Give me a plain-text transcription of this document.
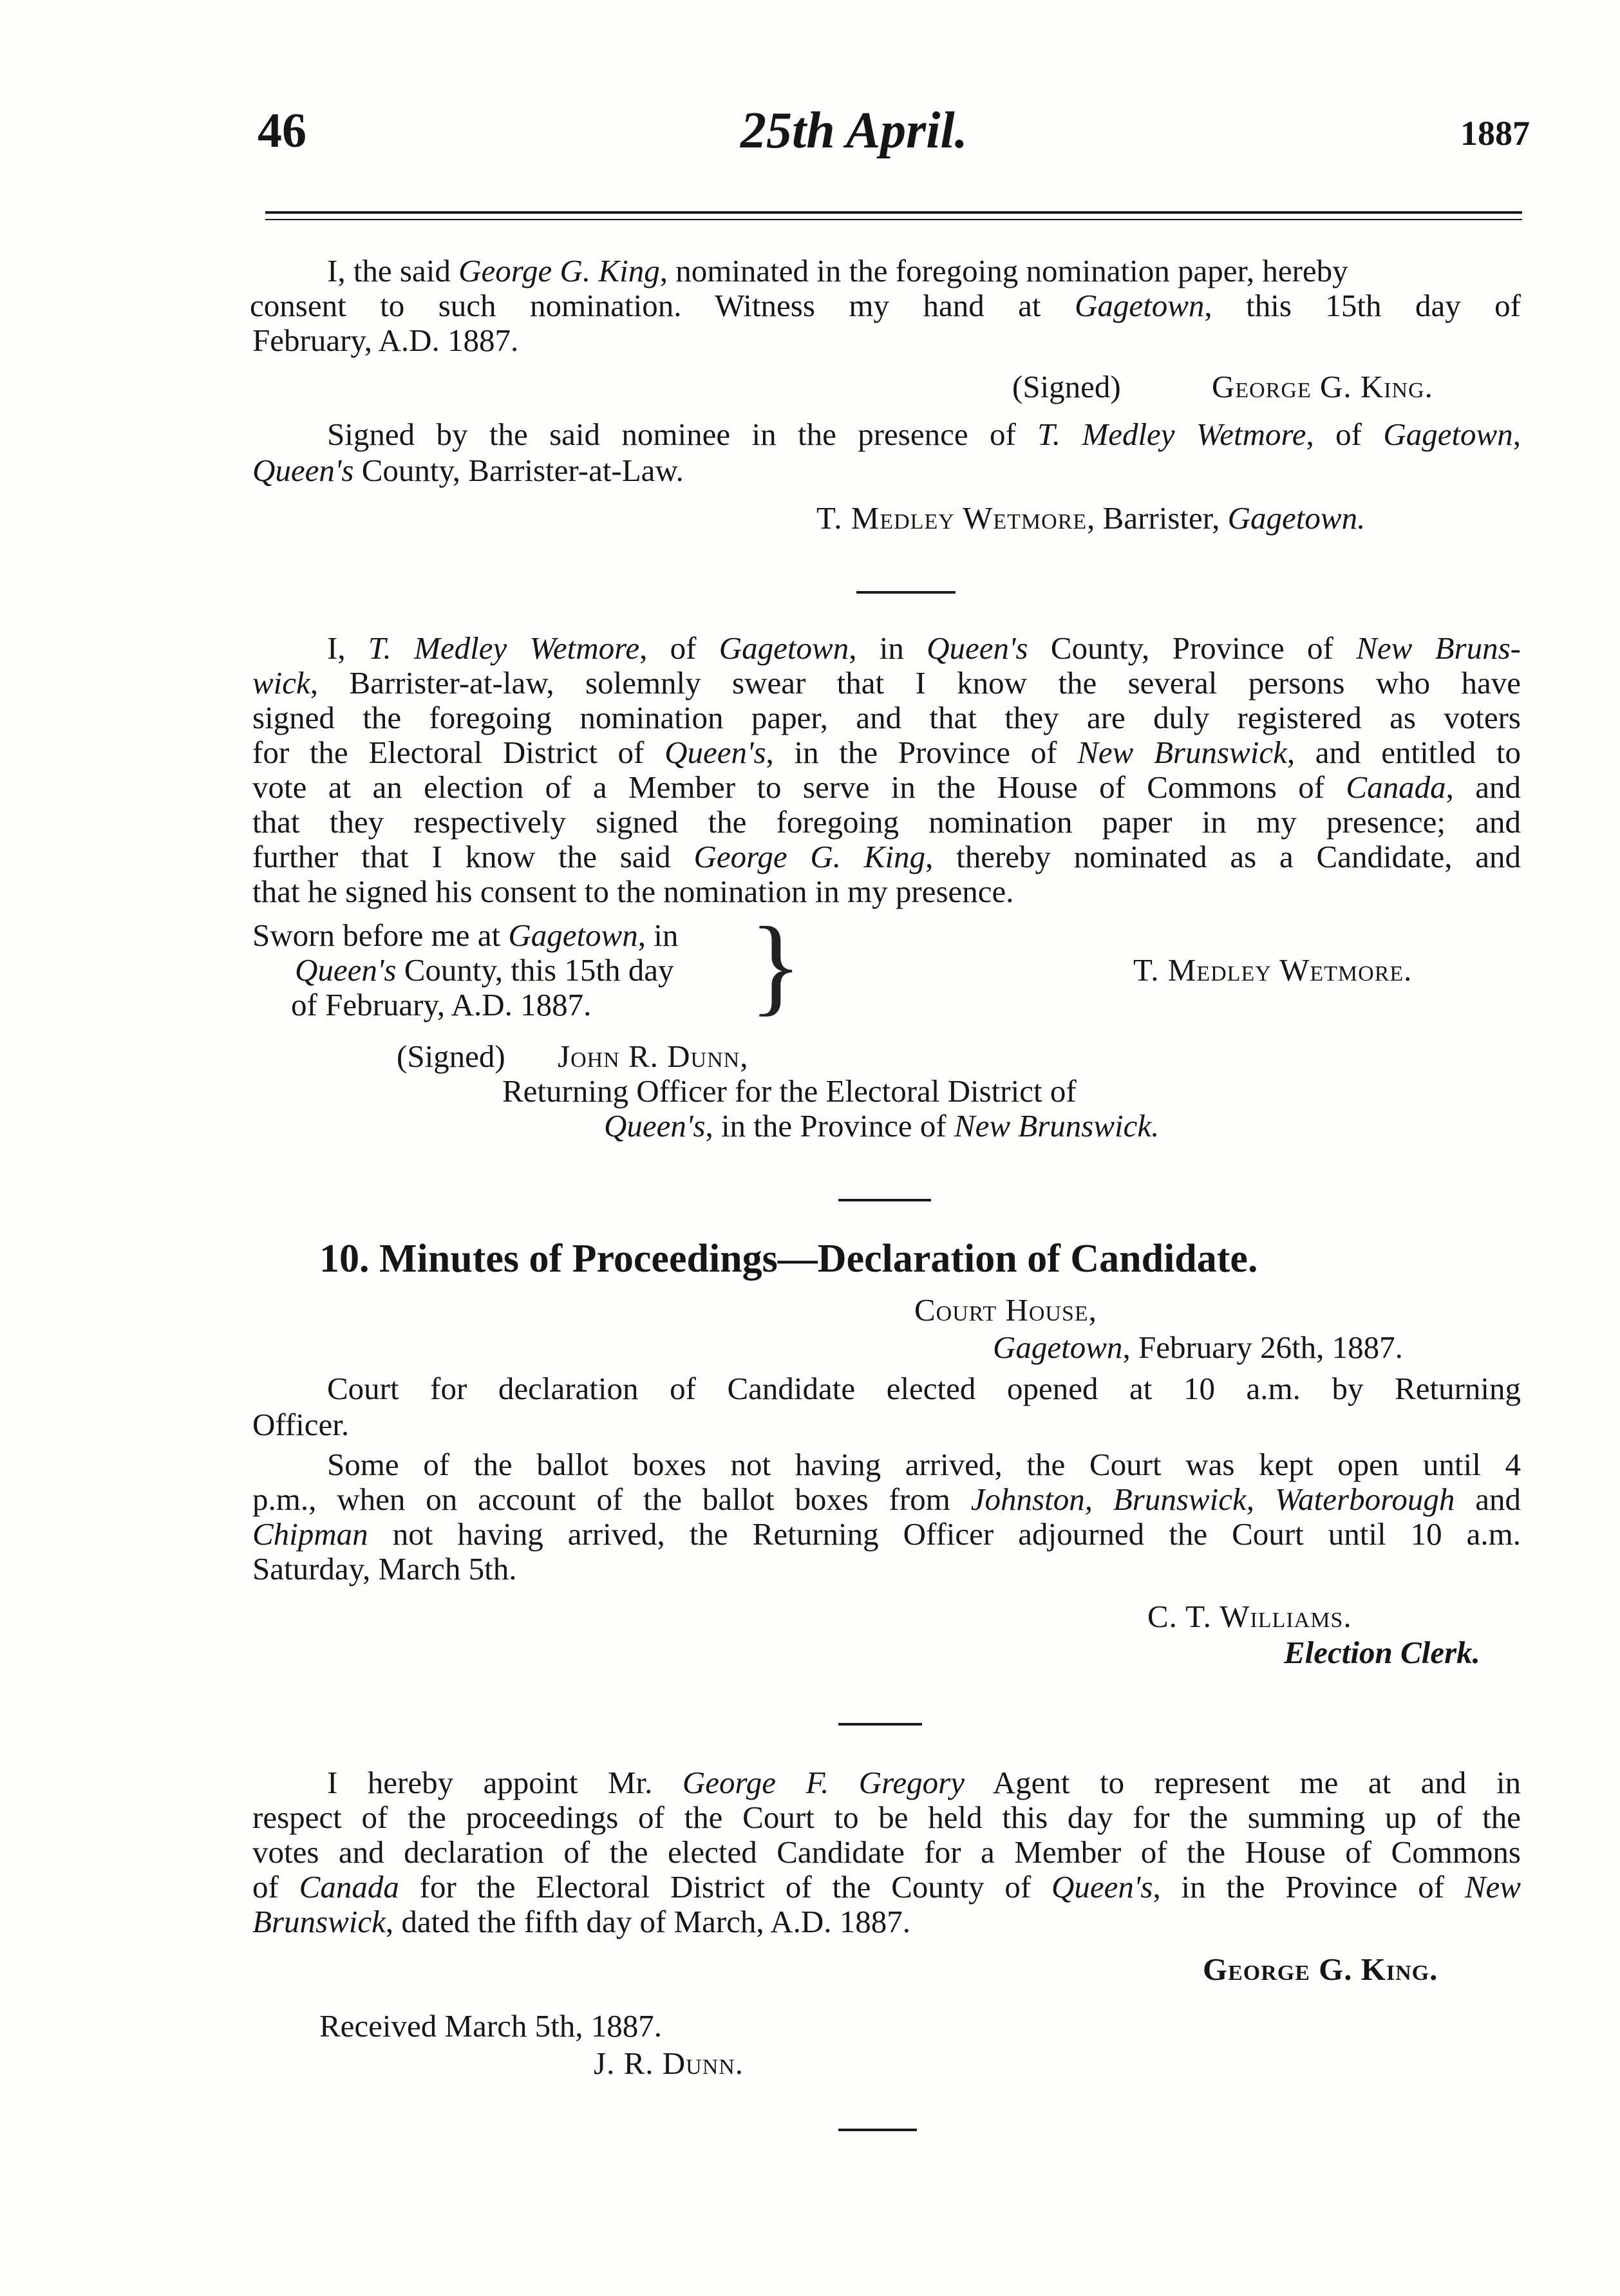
46	25th April.	1887
I, the said George G. King, nominated in the foregoing nomination paper, hereby
consent to such nomination. Witness my hand at Gagetown, this 15th day of
February, A.D. 1887.
(Signed)	George G. King.
Signed by the said nominee in the presence of T. Medley Wetmore, of Gagetown,
Queen's County, Barrister-at-Law.
T. Medley Wetmore, Barrister, Gagetown.
I, T. Medley Wetmore, of Gagetown, in Queen's County, Province of New Bruns-
wick, Barrister-at-law, solemnly swear that I know the several persons who have
signed the foregoing nomination paper, and that they are duly registered as voters
for the Electoral District of Queen's, in the Province of New Brunswick, and entitled to
vote at an election of a Member to serve in the House of Commons of Canada, and
that they respectively signed the foregoing nomination paper in my presence; and
further that I know the said George G. King, thereby nominated as a Candidate, and
that he signed his consent to the nomination in my presence.
Sworn before me at Gagetown, in
Queen's County, this 15th day
of February, A.D. 1887. }	T. Medley Wetmore.
(Signed) John R. Dunn,
Returning Officer for the Electoral District of
Queen's, in the Province of New Brunswick.
10. Minutes of Proceedings—Declaration of Candidate.
Court House,
Gagetown, February 26th, 1887.
Court for declaration of Candidate elected opened at 10 a.m. by Returning
Officer.
Some of the ballot boxes not having arrived, the Court was kept open until 4
p.m., when on account of the ballot boxes from Johnston, Brunswick, Waterborough and
Chipman not having arrived, the Returning Officer adjourned the Court until 10 a.m.
Saturday, March 5th.
C. T. Williams.
Election Clerk.
I hereby appoint Mr. George F. Gregory Agent to represent me at and in
respect of the proceedings of the Court to be held this day for the summing up of the
votes and declaration of the elected Candidate for a Member of the House of Commons
of Canada for the Electoral District of the County of Queen's, in the Province of New
Brunswick, dated the fifth day of March, A.D. 1887.
George G. King.
Received March 5th, 1887.
J. R. Dunn.
